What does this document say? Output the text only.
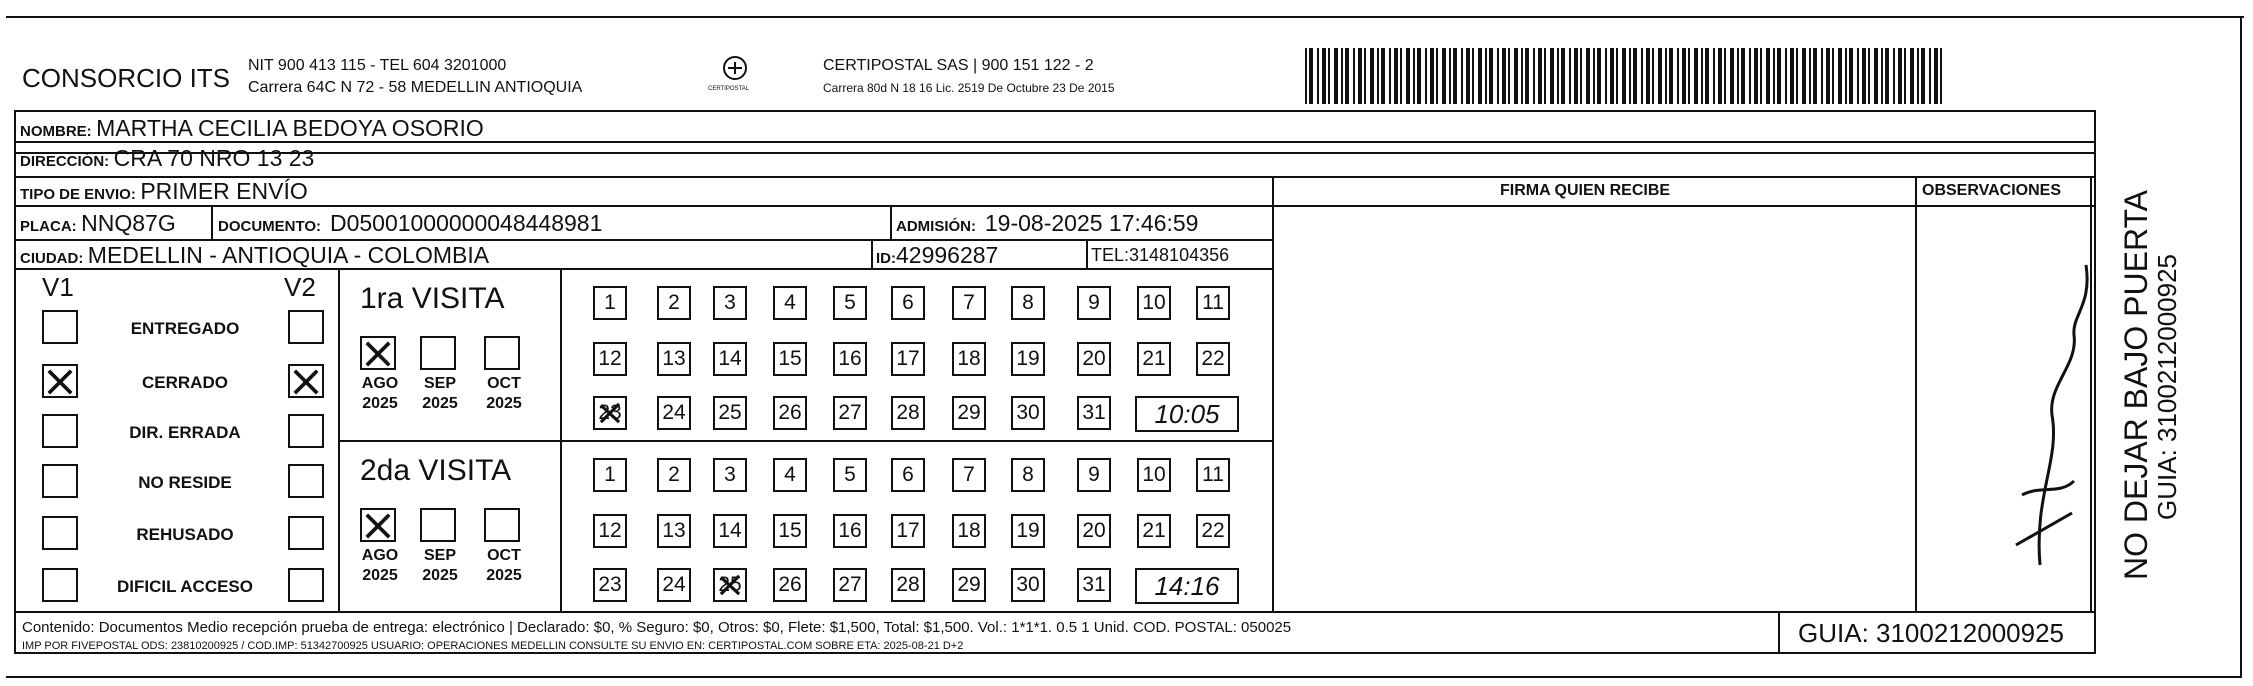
CONSORCIO ITS NIT 900 413 115 - TEL 604 3201000
Carrera 64C N 72 - 58 MEDELLIN ANTIOQUIA	CERTIPOSTAL
CERTIPOSTAL SAS | 900 151 122 - 2
Carrera 80d N 18 16 Lic. 2519 De Octubre 23 De 2015
NOMBRE: MARTHA CECILIA BEDOYA OSORIO
DIRECCIÓN: CRA 70 NRO 13 23
TIPO DE ENVIO: PRIMER ENVÍO
PLACA: NNQ87G	DOCUMENTO: D05001000000048448981	ADMISIÓN: 19-08-2025 17:46:59
CIUDAD: MEDELLIN - ANTIOQUIA - COLOMBIA	ID:42996287	TEL:3148104356
FIRMA QUIEN RECIBE	OBSERVACIONES
V1	V2
ENTREGADO
CERRADO
DIR. ERRADA
NO RESIDE
REHUSADO
DIFICIL ACCESO
1ra VISITA
AGO
2025
SEP
2025
OCT
2025
1 2 3 4 5 6 7 8	9 10 11
12 13 14 15 16 17 18 19 20 21 22
23 24 25 26 27 28 29 30 31	10:05
2da VISITA
AGO
2025
SEP
2025
OCT
2025
1 2 3 4 5 6 7 8	9 10 11
12 13 14 15 16 17 18 19 20 21 22
23 24 25 26 27 28 29 30 31	14:16
Contenido: Documentos Medio recepción prueba de entrega: electrónico | Declarado: $0, % Seguro: $0, Otros: $0, Flete: $1,500, Total: $1,500. Vol.: 1*1*1. 0.5 1 Unid. COD. POSTAL: 050025
IMP POR FIVEPOSTAL ODS: 23810200925 / COD.IMP: 51342700925 USUARIO: OPERACIONES MEDELLIN CONSULTE SU ENVIO EN: CERTIPOSTAL.COM SOBRE ETA: 2025-08-21 D+2	GUIA: 3100212000925
NO DEJAR BAJO PUERTA
GUIA: 3100212000925
